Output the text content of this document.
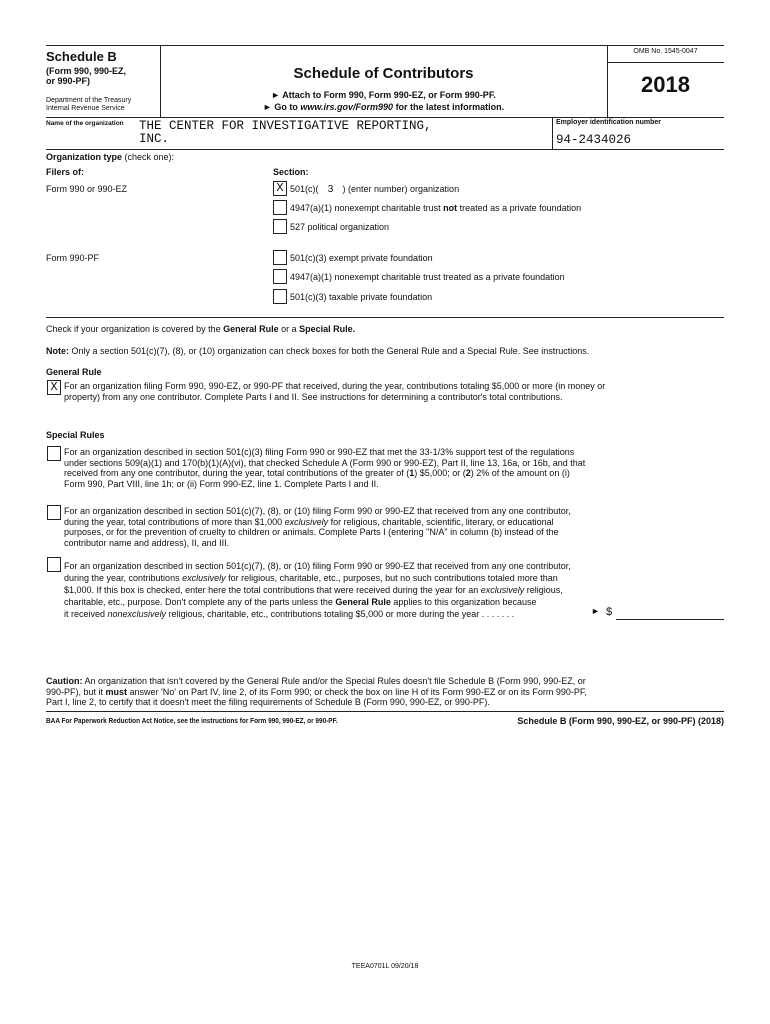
Schedule B
(Form 990, 990-EZ,
or 990-PF)
Department of the Treasury
Internal Revenue Service
Schedule of Contributors
► Attach to Form 990, Form 990-EZ, or Form 990-PF.
► Go to www.irs.gov/Form990 for the latest information.
OMB No. 1545-0047
2018
Name of the organization THE CENTER FOR INVESTIGATIVE REPORTING,
INC.
Employer identification number
94-2434026
Organization type (check one):
Filers of:	Section:
Form 990 or 990-EZ	X 501(c)( 3 ) (enter number) organization
4947(a)(1) nonexempt charitable trust not treated as a private foundation
527 political organization
Form 990-PF	501(c)(3) exempt private foundation
4947(a)(1) nonexempt charitable trust treated as a private foundation
501(c)(3) taxable private foundation
Check if your organization is covered by the General Rule or a Special Rule.
Note: Only a section 501(c)(7), (8), or (10) organization can check boxes for both the General Rule and a Special Rule. See instructions.
General Rule
X For an organization filing Form 990, 990-EZ, or 990-PF that received, during the year, contributions totaling $5,000 or more (in money or
property) from any one contributor. Complete Parts I and II. See instructions for determining a contributor's total contributions.
Special Rules
For an organization described in section 501(c)(3) filing Form 990 or 990-EZ that met the 33-1/3% support test of the regulations
under sections 509(a)(1) and 170(b)(1)(A)(vi), that checked Schedule A (Form 990 or 990-EZ), Part II, line 13, 16a, or 16b, and that
received from any one contributor, during the year, total contributions of the greater of (1) $5,000; or (2) 2% of the amount on (i)
Form 990, Part VIII, line 1h; or (ii) Form 990-EZ, line 1. Complete Parts I and II.
For an organization described in section 501(c)(7), (8), or (10) filing Form 990 or 990-EZ that received from any one contributor,
during the year, total contributions of more than $1,000 exclusively for religious, charitable, scientific, literary, or educational
purposes, or for the prevention of cruelty to children or animals. Complete Parts I (entering "N/A" in column (b) instead of the
contributor name and address), II, and III.
For an organization described in section 501(c)(7), (8), or (10) filing Form 990 or 990-EZ that received from any one contributor,
during the year, contributions exclusively for religious, charitable, etc., purposes, but no such contributions totaled more than
$1,000. If this box is checked, enter here the total contributions that were received during the year for an exclusively religious,
charitable, etc., purpose. Don't complete any of the parts unless the General Rule applies to this organization because
it received nonexclusively religious, charitable, etc., contributions totaling $5,000 or more during the year . . . . . . .	► $
Caution: An organization that isn't covered by the General Rule and/or the Special Rules doesn't file Schedule B (Form 990, 990-EZ, or
990-PF), but it must answer 'No' on Part IV, line 2, of its Form 990; or check the box on line H of its Form 990-EZ or on its Form 990-PF,
Part I, line 2, to certify that it doesn't meet the filing requirements of Schedule B (Form 990, 990-EZ, or 990-PF).
BAA For Paperwork Reduction Act Notice, see the instructions for Form 990, 990-EZ, or 990-PF.	Schedule B (Form 990, 990-EZ, or 990-PF) (2018)
TEEA0701L 09/20/18
